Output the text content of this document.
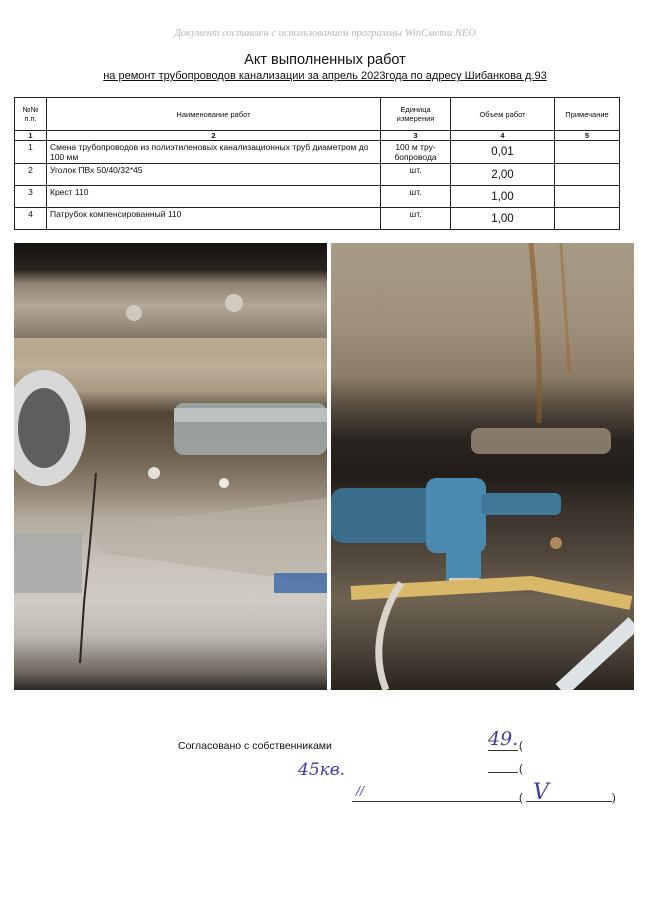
Документ составлен с использованием программы WinСмета NEO
Акт выполненных работ
на ремонт трубопроводов канализации за апрель 2023года по адресу Шибанкова д.93
№№ п.п.	Наименование работ	Единица измерения	Объем работ	Примечание
1	2	3	4	5
1	Смена трубопроводов из полиэтиленовых канализационных труб диаметром до 100 мм	100 м тру-бопровода	0,01	
2	Уголок ПВх 50/40/32*45	шт.	2,00	
3	Крест 110	шт.	1,00	
4	Патрубок компенсированный 110	шт.	1,00	
Согласовано с собственниками	49. (
(
45кв.
//	( V	)
